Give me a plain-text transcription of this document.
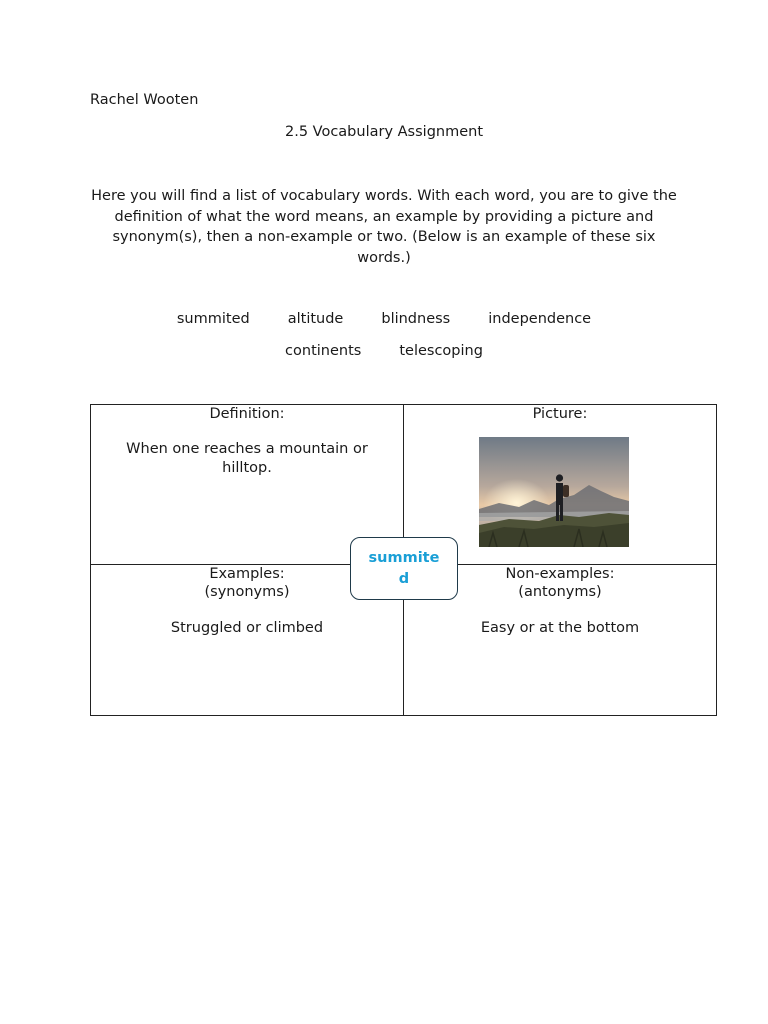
Rachel Wooten

2.5 Vocabulary Assignment

Here you will find a list of vocabulary words. With each word, you are to give the definition of what the word means, an example by providing a picture and synonym(s), then a non-example or two. (Below is an example of these six words.)

summited	altitude	blindness	independence
continents	telescoping
Definition:
When one reaches a mountain or hilltop.
Picture:
Examples:
(synonyms)
Struggled or climbed
Non-examples:
(antonyms)
Easy or at the bottom
summited
